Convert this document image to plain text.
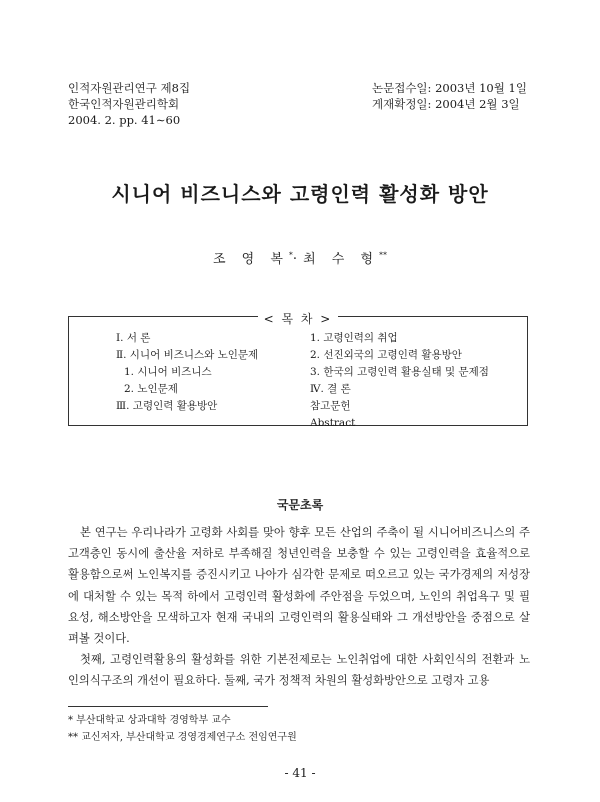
인적자원관리연구 제8집
한국인적자원관리학회
2004. 2. pp. 41∼60
논문접수일: 2003년 10월 1일
게재확정일: 2004년 2월 3일
시니어 비즈니스와 고령인력 활성화 방안
조 영 복*·최 수 형**
< 목 차 >
Ⅰ. 서 론
Ⅱ. 시니어 비즈니스와 노인문제
1. 시니어 비즈니스
2. 노인문제
Ⅲ. 고령인력 활용방안
1. 고령인력의 취업
2. 선진외국의 고령인력 활용방안
3. 한국의 고령인력 활용실태 및 문제점
Ⅳ. 결 론
참고문헌
Abstract
국문초록

본 연구는 우리나라가 고령화 사회를 맞아 향후 모든 산업의 주축이 될 시니어비즈니스의 주 고객층인 동시에 출산율 저하로 부족해질 청년인력을 보충할 수 있는 고령인력을 효율적으로 활용함으로써 노인복지를 증진시키고 나아가 심각한 문제로 떠오르고 있는 국가경제의 저성장에 대처할 수 있는 목적 하에서 고령인력 활성화에 주안점을 두었으며, 노인의 취업욕구 및 필요성, 해소방안을 모색하고자 현재 국내의 고령인력의 활용실태와 그 개선방안을 중점으로 살펴볼 것이다.

첫째, 고령인력활용의 활성화를 위한 기본전제로는 노인취업에 대한 사회인식의 전환과 노인의식구조의 개선이 필요하다. 둘째, 국가 정책적 차원의 활성화방안으로 고령자 고용

* 부산대학교 상과대학 경영학부 교수
** 교신저자, 부산대학교 경영경제연구소 전임연구원
- 41 -
